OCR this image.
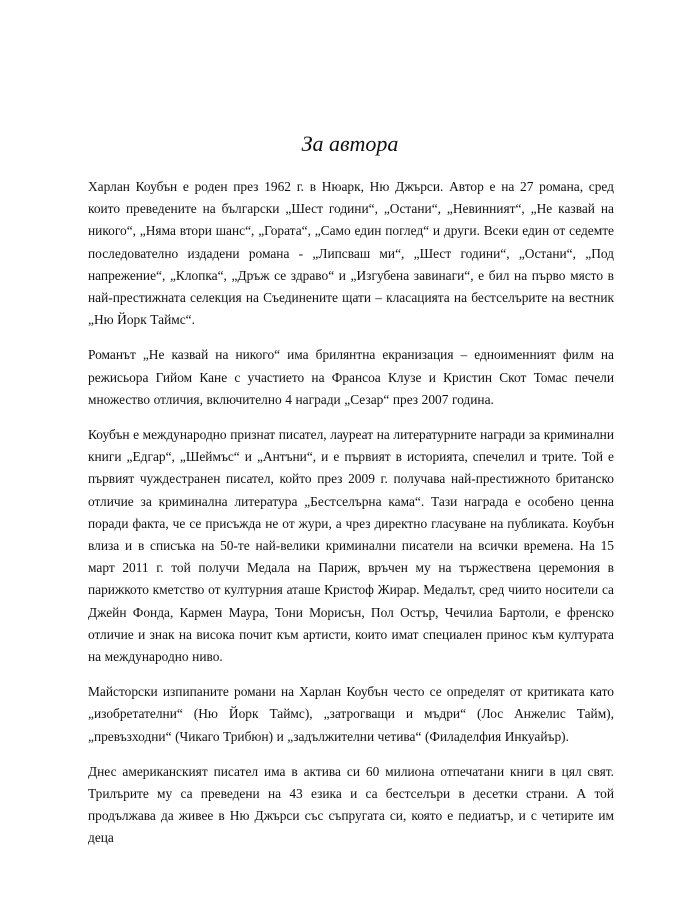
За автора

Харлан Коубън е роден през 1962 г. в Нюарк, Ню Джърси. Автор е на 27 романа, сред които преведените на български „Шест години“, „Остани“, „Невинният“, „Не казвай на никого“, „Няма втори шанс“, „Гората“, „Само един поглед“ и други. Всеки един от седемте последователно издадени романа - „Липсваш ми“, „Шест години“, „Остани“, „Под напрежение“, „Клопка“, „Дръж се здраво“ и „Изгубена завинаги“, е бил на първо място в най-престижната селекция на Съединените щати – класацията на бестселърите на вестник „Ню Йорк Таймс“.

Романът „Не казвай на никого“ има брилянтна екранизация – едноименният филм на режисьора Гийом Кане с участието на Франсоа Клузе и Кристин Скот Томас печели множество отличия, включително 4 награди „Сезар“ през 2007 година.

Коубън е международно признат писател, лауреат на литературните награди за криминални книги „Едгар“, „Шеймъс“ и „Антъни“, и е първият в историята, спечелил и трите. Той е първият чуждестранен писател, който през 2009 г. получава най-престижното британско отличие за криминална литература „Бестселърна кама“. Тази награда е особено ценна поради факта, че се присъжда не от жури, а чрез директно гласуване на публиката. Коубън влиза и в списъка на 50-те най-велики криминални писатели на всички времена. На 15 март 2011 г. той получи Медала на Париж, връчен му на тържествена церемония в парижкото кметство от културния аташе Кристоф Жирар. Медалът, сред чиито носители са Джейн Фонда, Кармен Маура, Тони Морисън, Пол Остър, Чечилиа Бартоли, е френско отличие и знак на висока почит към артисти, които имат специален принос към културата на международно ниво.

Майсторски изпипаните романи на Харлан Коубън често се определят от критиката като „изобретателни“ (Ню Йорк Таймс), „затрогващи и мъдри“ (Лос Анжелис Тайм), „превъзходни“ (Чикаго Трибюн) и „задължителни четива“ (Филаделфия Инкуайър).

Днес американският писател има в актива си 60 милиона отпечатани книги в цял свят. Трилърите му са преведени на 43 езика и са бестселъри в десетки страни. А той продължава да живее в Ню Джърси със съпругата си, която е педиатър, и с четирите им деца
